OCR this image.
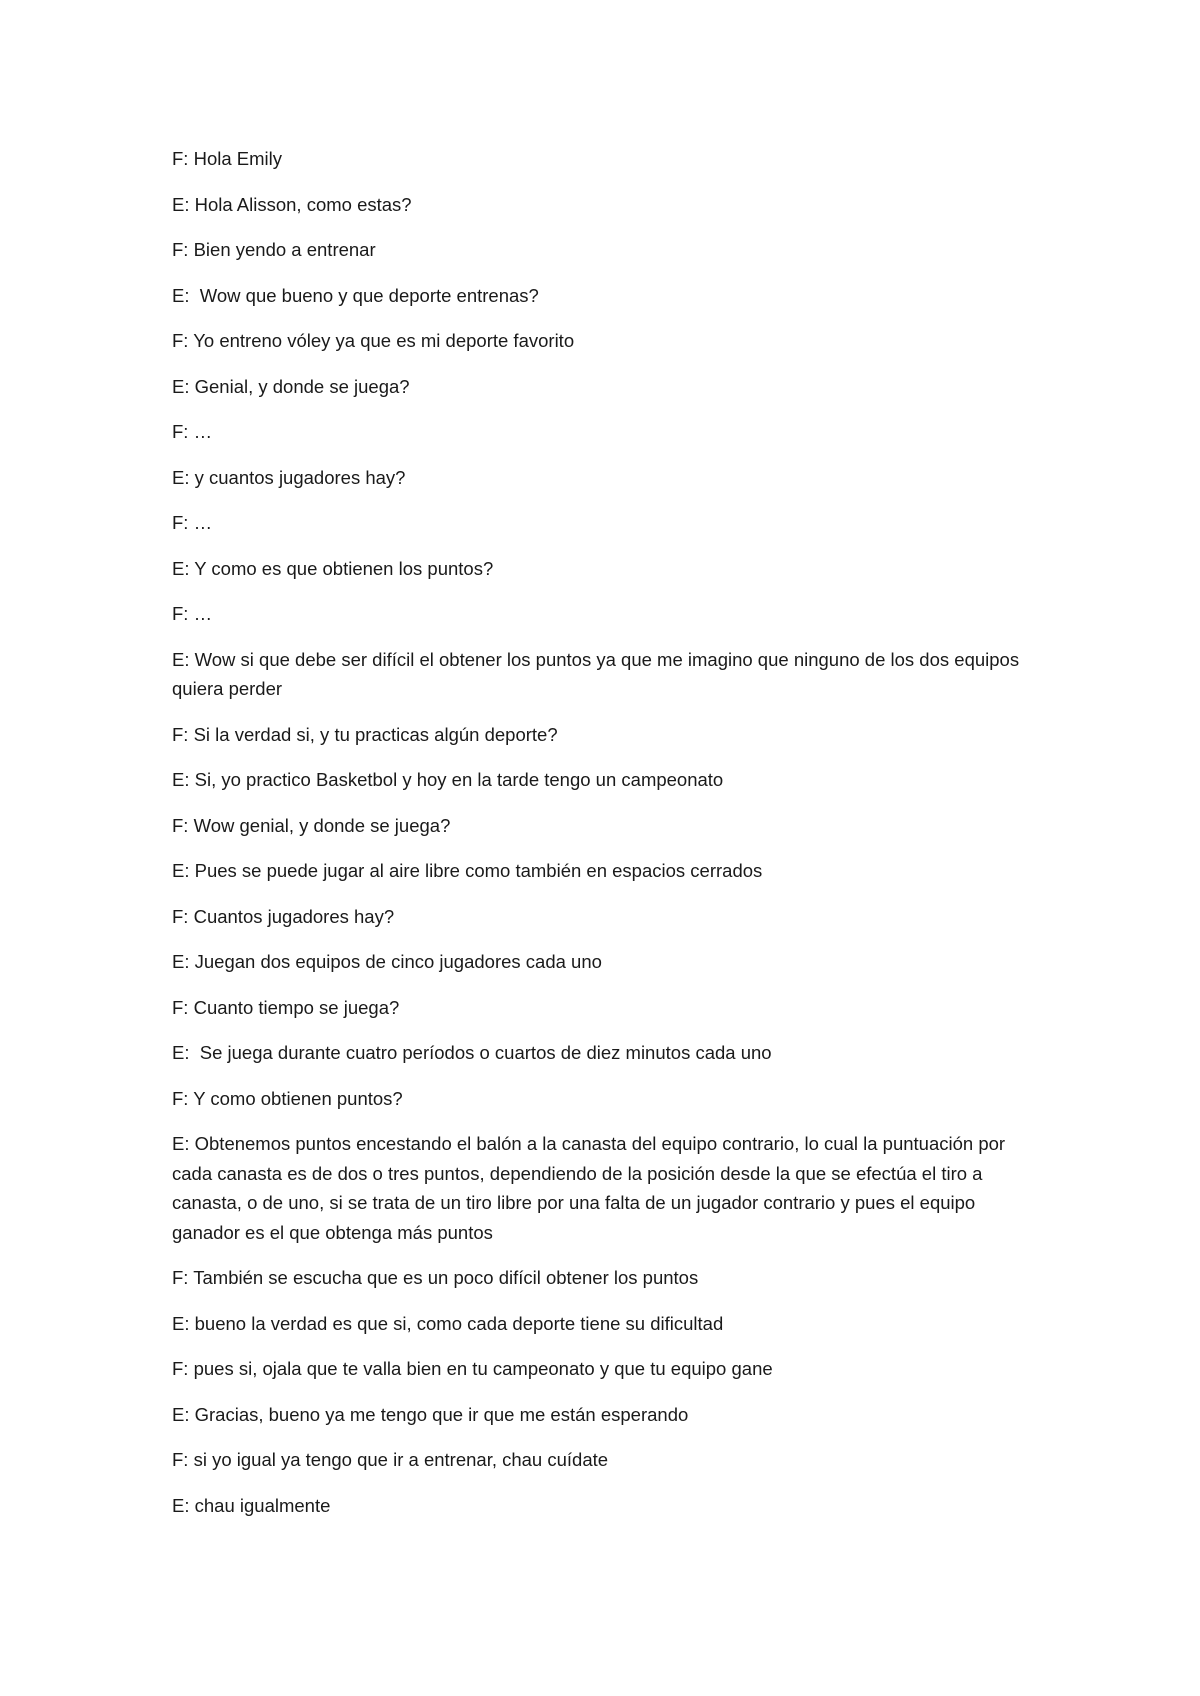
F: Hola Emily

E: Hola Alisson, como estas?

F: Bien yendo a entrenar

E:  Wow que bueno y que deporte entrenas?

F: Yo entreno vóley ya que es mi deporte favorito

E: Genial, y donde se juega?

F: …

E: y cuantos jugadores hay?

F: …

E: Y como es que obtienen los puntos?

F: …

E: Wow si que debe ser difícil el obtener los puntos ya que me imagino que ninguno de los dos equipos quiera perder

F: Si la verdad si, y tu practicas algún deporte?

E: Si, yo practico Basketbol y hoy en la tarde tengo un campeonato

F: Wow genial, y donde se juega?

E: Pues se puede jugar al aire libre como también en espacios cerrados

F: Cuantos jugadores hay?

E: Juegan dos equipos de cinco jugadores cada uno

F: Cuanto tiempo se juega?

E:  Se juega durante cuatro períodos o cuartos de diez minutos cada uno

F: Y como obtienen puntos?

E: Obtenemos puntos encestando el balón a la canasta del equipo contrario, lo cual la puntuación por cada canasta es de dos o tres puntos, dependiendo de la posición desde la que se efectúa el tiro a canasta, o de uno, si se trata de un tiro libre por una falta de un jugador contrario y pues el equipo ganador es el que obtenga más puntos

F: También se escucha que es un poco difícil obtener los puntos

E: bueno la verdad es que si, como cada deporte tiene su dificultad

F: pues si, ojala que te valla bien en tu campeonato y que tu equipo gane

E: Gracias, bueno ya me tengo que ir que me están esperando

F: si yo igual ya tengo que ir a entrenar, chau cuídate

E: chau igualmente
